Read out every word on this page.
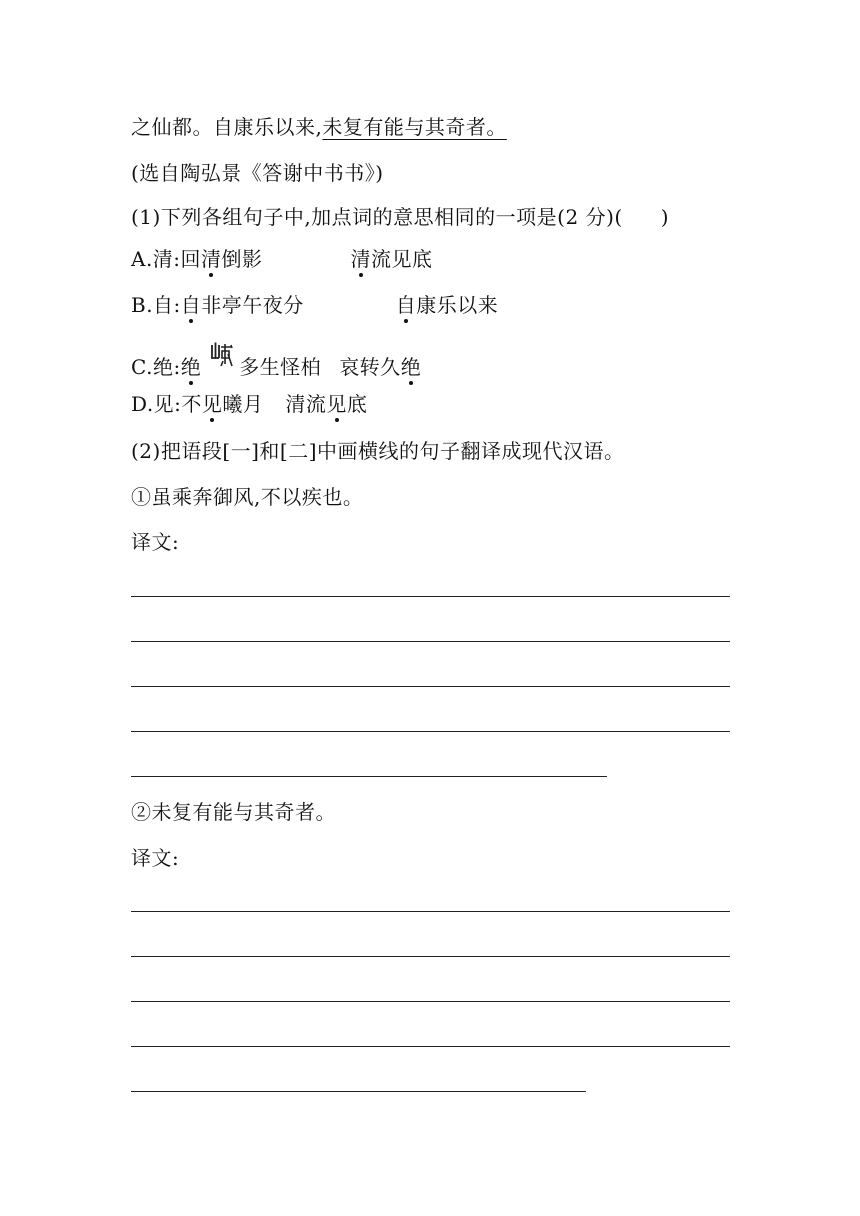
之仙都。自康乐以来,未复有能与其奇者。
(选自陶弘景《答谢中书书》)
(1)下列各组句子中,加点词的意思相同的一项是(2 分)( )
A.清:回清倒影	清流见底
B.自:自非亭午夜分	自康乐以来
C.绝:绝 多生怪柏 哀转久绝
D.见:不见曦月 清流见底
(2)把语段[一]和[二]中画横线的句子翻译成现代汉语。
①虽乘奔御风,不以疾也。
译文:
②未复有能与其奇者。
译文:
